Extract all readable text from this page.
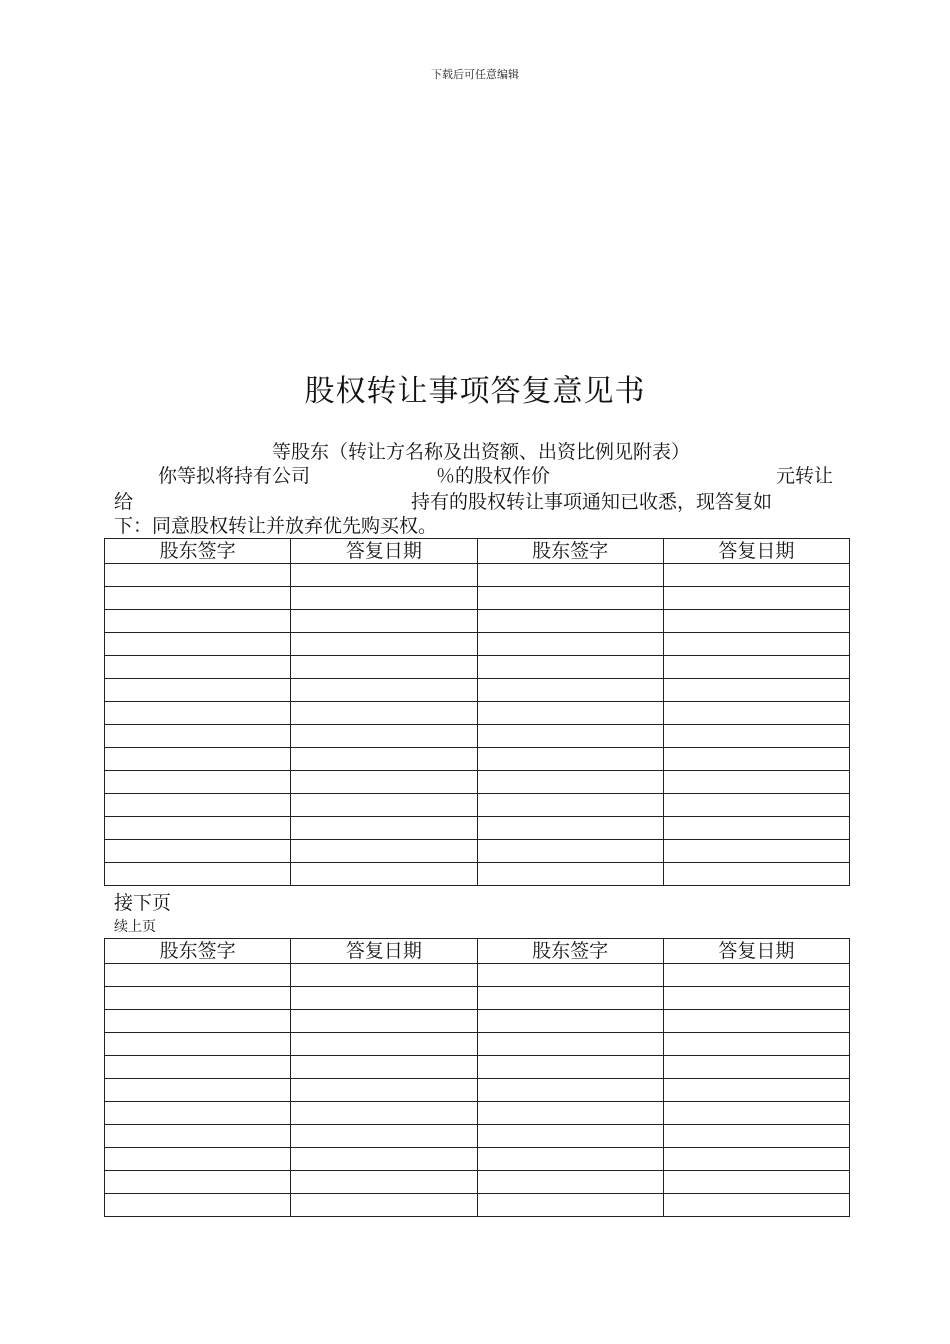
下载后可任意编辑
股权转让事项答复意见书
等股东（转让方名称及出资额、出资比例见附表）
你等拟将持有公司	％的股权作价	元转让
给	持有的股权转让事项通知已收悉，现答复如
下：同意股权转让并放弃优先购买权。
股东签字	答复日期	股东签字	答复日期

接下页
续上页
股东签字	答复日期	股东签字	答复日期
